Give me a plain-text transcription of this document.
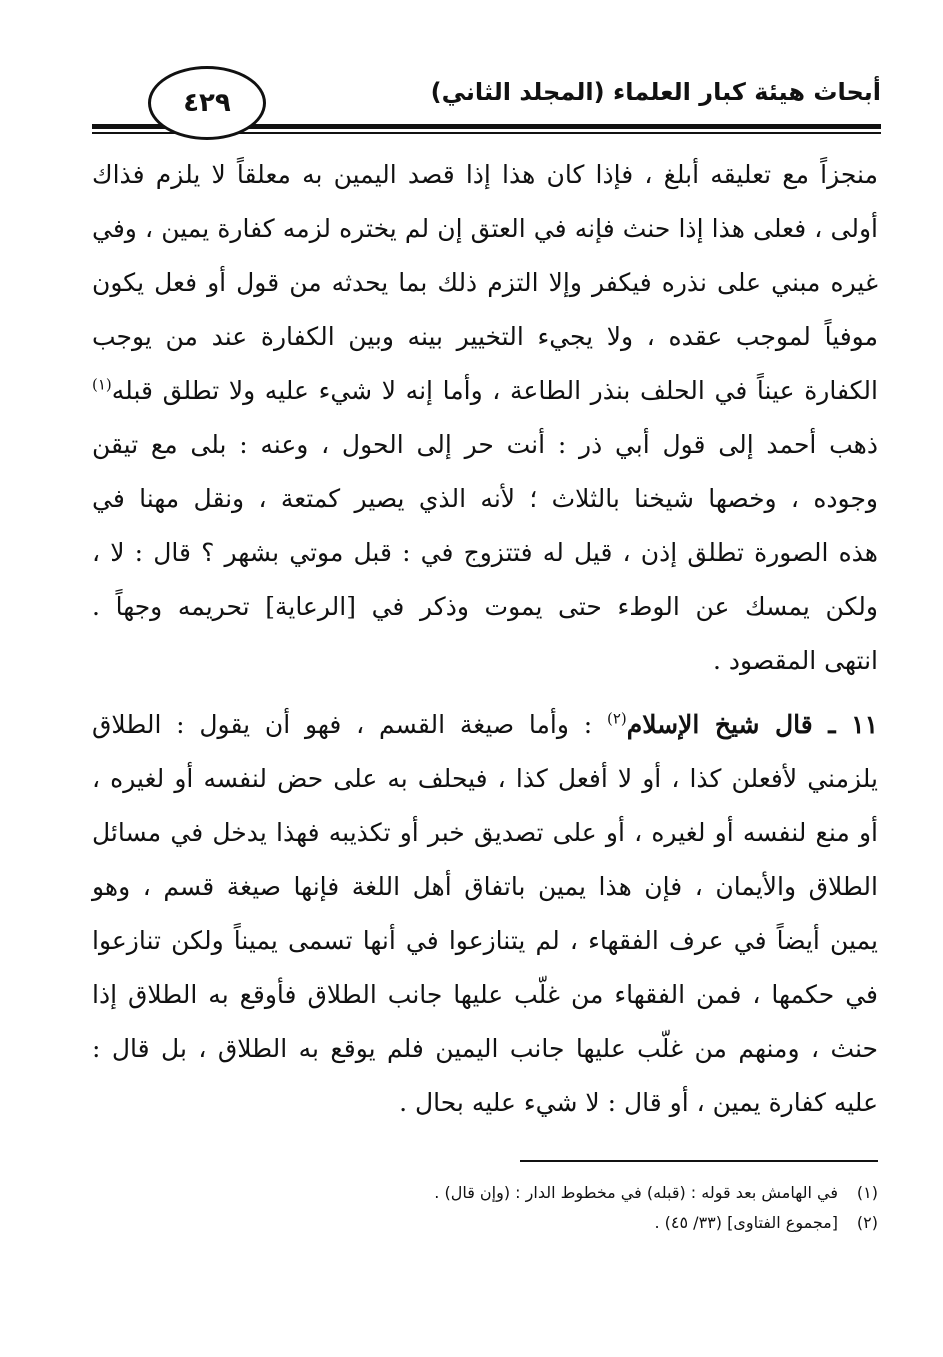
أبحاث هيئة كبار العلماء (المجلد الثاني)
٤٢٩
منجزاً مع تعليقه أبلغ ، فإذا كان هذا إذا قصد اليمين به معلقاً لا يلزم فذاك
أولى ، فعلى هذا إذا حنث فإنه في العتق إن لم يختره لزمه كفارة يمين ، وفي
غيره مبني على نذره فيكفر وإلا التزم ذلك بما يحدثه من قول أو فعل يكون
موفياً لموجب عقده ، ولا يجيء التخيير بينه وبين الكفارة عند من يوجب
الكفارة عيناً في الحلف بنذر الطاعة ، وأما إنه لا شيء عليه ولا تطلق قبله$^{(١)}$
ذهب أحمد إلى قول أبي ذر : أنت حر إلى الحول ، وعنه : بلى مع تيقن
وجوده ، وخصها شيخنا بالثلاث ؛ لأنه الذي يصير كمتعة ، ونقل مهنا في
هذه الصورة تطلق إذن ، قيل له فتتزوج في : قبل موتي بشهر ؟ قال : لا ،
ولكن يمسك عن الوطء حتى يموت وذكر في [الرعاية] تحريمه وجهاً .
انتهى المقصود .
١١ ـ قال شيخ الإسلام$^{(٢)}$ : وأما صيغة القسم ، فهو أن يقول : الطلاق
يلزمني لأفعلن كذا ، أو لا أفعل كذا ، فيحلف به على حض لنفسه أو لغيره ،
أو منع لنفسه أو لغيره ، أو على تصديق خبر أو تكذيبه فهذا يدخل في مسائل
الطلاق والأيمان ، فإن هذا يمين باتفاق أهل اللغة فإنها صيغة قسم ، وهو
يمين أيضاً في عرف الفقهاء ، لم يتنازعوا في أنها تسمى يميناً ولكن تنازعوا
في حكمها ، فمن الفقهاء من غلّب عليها جانب الطلاق فأوقع به الطلاق إذا
حنث ، ومنهم من غلّب عليها جانب اليمين فلم يوقع به الطلاق ، بل قال :
عليه كفارة يمين ، أو قال : لا شيء عليه بحال .
(١)في الهامش بعد قوله : (قبله) في مخطوط الدار : (وإن قال) .
(٢)[مجموع الفتاوى] (٣٣/ ٤٥) .
